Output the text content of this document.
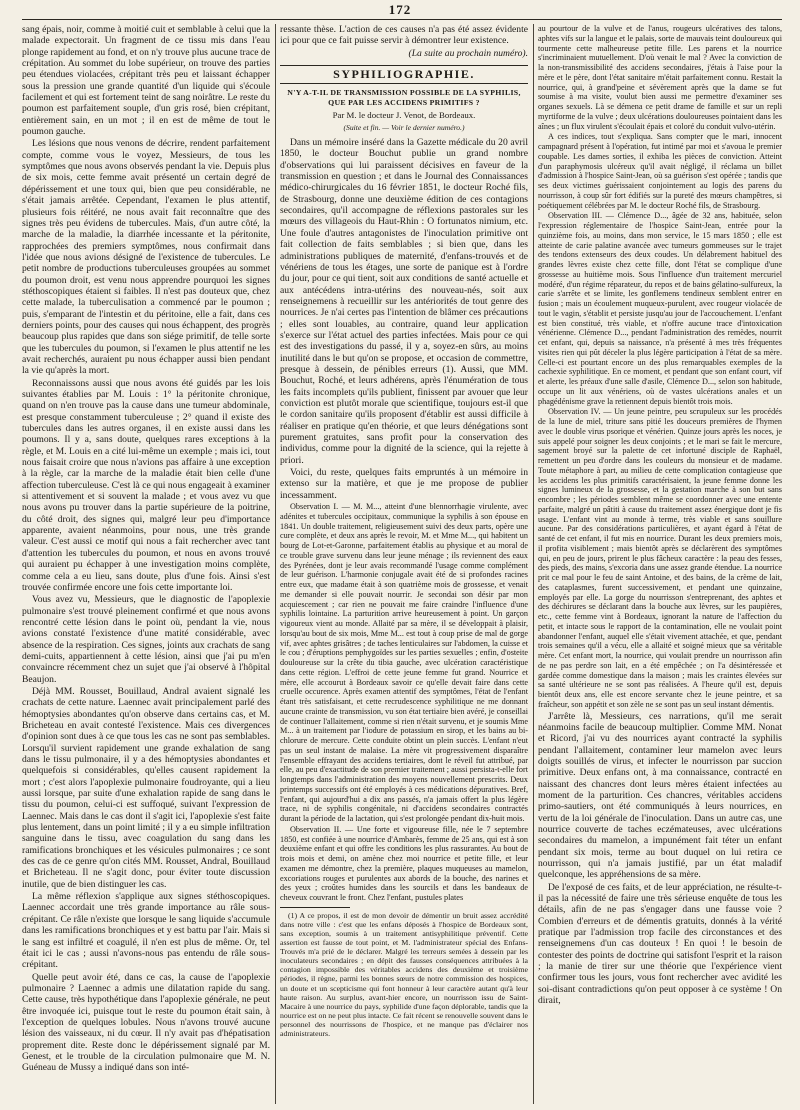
172

sang épais, noir, comme à moitié cuit et semblable à celui que la malade expectorait. Un fragment de ce tissu mis dans l'eau plonge rapidement au fond, et on n'y trouve plus aucune trace de crépitation. Au sommet du lobe supérieur, on trouve des parties peu étendues violacées, crépitant très peu et laissant échapper sous la pression une grande quantité d'un liquide qui s'écoule facilement et qui est fortement teint de sang noirâtre. Le reste du poumon est parfaitement souple, d'un gris rosé, bien crépitant, entièrement sain, en un mot ; il en est de même de tout le poumon gauche.

Les lésions que nous venons de décrire, rendent parfaitement compte, comme vous le voyez, Messieurs, de tous les symptômes que nous avons observés pendant la vie. Depuis plus de six mois, cette femme avait présenté un certain degré de dépérissement et une toux qui, bien que peu considérable, ne s'était jamais arrêtée. Cependant, l'examen le plus attentif, plusieurs fois réitéré, ne nous avait fait reconnaître que des signes très peu évidens de tubercules. Mais, d'un autre côté, la marche de la maladie, la diarrhée incessante et la péritonite, rapprochées des premiers symptômes, nous confirmait dans l'idée que nous avions désigné de l'existence de tubercules. Le petit nombre de productions tuberculeuses groupées au sommet du poumon droit, est venu nous apprendre pourquoi les signes stéthoscopiques étaient si faibles. Il n'est pas douteux que, chez cette malade, la tuberculisation a commencé par le poumon ; puis, s'emparant de l'intestin et du péritoine, elle a fait, dans ces derniers points, pour des causes qui nous échappent, des progrès beaucoup plus rapides que dans son siége primitif, de telle sorte que les tubercules du poumon, si l'examen le plus attentif ne les avait recherchés, auraient pu nous échapper aussi bien pendant la vie qu'après la mort.

Reconnaissons aussi que nous avons été guidés par les lois suivantes établies par M. Louis : 1° la péritonite chronique, quand on n'en trouve pas la cause dans une tumeur abdominale, est presque constamment tuberculeuse ; 2° quand il existe des tubercules dans les autres organes, il en existe aussi dans les poumons. Il y a, sans doute, quelques rares exceptions à la règle, et M. Louis en a cité lui-même un exemple ; mais ici, tout nous faisait croire que nous n'avions pas affaire à une exception à la règle, car la marche de la maladie était bien celle d'une affection tuberculeuse. C'est là ce qui nous engageait à examiner si attentivement et si souvent la malade ; et vous avez vu que nous avons pu trouver dans la partie supérieure de la poitrine, du côté droit, des signes qui, malgré leur peu d'importance apparente, avaient néanmoins, pour nous, une très grande valeur. C'est aussi ce motif qui nous a fait rechercher avec tant d'attention les tubercules du poumon, et nous en avons trouvé qui auraient pu échapper à une investigation moins complète, comme cela a eu lieu, sans doute, plus d'une fois. Ainsi s'est trouvée confirmée encore une fois cette importante loi.

Vous avez vu, Messieurs, que le diagnostic de l'apoplexie pulmonaire s'est trouvé pleinement confirmé et que nous avons rencontré cette lésion dans le point où, pendant la vie, nous avions constaté l'existence d'une matité considérable, avec absence de la respiration. Ces signes, joints aux crachats de sang demi-cuits, appartiennent à cette lésion, ainsi que j'ai pu m'en convaincre récemment chez un sujet que j'ai observé à l'hôpital Beaujon.

Déjà MM. Rousset, Bouillaud, Andral avaient signalé les crachats de cette nature. Laennec avait principalement parlé des hémoptysies abondantes qu'on observe dans certains cas, et M. Bricheteau en avait contesté l'existence. Mais ces divergences d'opinion sont dues à ce que tous les cas ne sont pas semblables. Lorsqu'il survient rapidement une grande exhalation de sang dans le tissu pulmonaire, il y a des hémoptysies abondantes et quelquefois si considérables, qu'elles causent rapidement la mort ; c'est alors l'apoplexie pulmonaire foudroyante, qui a lieu aussi lorsque, par suite d'une exhalation rapide de sang dans le tissu du poumon, celui-ci est suffoqué, suivant l'expression de Laennec. Mais dans le cas dont il s'agit ici, l'apoplexie s'est faite plus lentement, dans un point limité ; il y a eu simple infiltration sanguine dans le tissu, avec coagulation du sang dans les ramifications bronchiques et les vésicules pulmonaires ; ce sont des cas de ce genre qu'on cités MM. Rousset, Andral, Bouillaud et Bricheteau. Il ne s'agit donc, pour éviter toute discussion inutile, que de bien distinguer les cas.

La même réflexion s'applique aux signes stéthoscopiques. Laennec accordait une très grande importance au râle sous-crépitant. Ce râle n'existe que lorsque le sang liquide s'accumule dans les ramifications bronchiques et y est battu par l'air. Mais si le sang est infiltré et coagulé, il n'en est plus de même. Or, tel était ici le cas ; aussi n'avons-nous pas entendu de râle sous-crépitant.

Quelle peut avoir été, dans ce cas, la cause de l'apoplexie pulmonaire ? Laennec a admis une dilatation rapide du sang. Cette cause, très hypothétique dans l'apoplexie générale, ne peut être invoquée ici, puisque tout le reste du poumon était sain, à l'exception de quelques lobules. Nous n'avons trouvé aucune lésion des vaisseaux, ni du cœur. Il n'y avait pas d'hépatisation proprement dite. Reste donc le dépérissement signalé par M. Genest, et le trouble de la circulation pulmonaire que M. N. Guéneau de Mussy a indiqué dans son inté-

ressante thèse. L'action de ces causes n'a pas été assez évidente ici pour que ce fait puisse servir à démontrer leur existence.

(La suite au prochain numéro).

SYPHILIOGRAPHIE.

N'Y A-T-IL DE TRANSMISSION POSSIBLE DE LA SYPHILIS, QUE PAR LES ACCIDENS PRIMITIFS ?

Par M. le docteur J. Venot, de Bordeaux.

(Suite et fin. — Voir le dernier numéro.)

Dans un mémoire inséré dans la Gazette médicale du 20 avril 1850, le docteur Bouchut publie un grand nombre d'observations qui lui paraissent décisives en faveur de la transmission en question ; et dans le Journal des Connaissances médico-chirurgicales du 16 février 1851, le docteur Roché fils, de Strasbourg, donne une deuxième édition de ces contagions secondaires, qu'il accompagne de réflexions pastorales sur les mœurs des villageois du Haut-Rhin : O fortunatos nimium, etc. Une foule d'autres antagonistes de l'inoculation primitive ont fait collection de faits semblables ; si bien que, dans les administrations publiques de maternité, d'enfans-trouvés et de vénériens de tous les étages, une sorte de panique est à l'ordre du jour, pour ce qui tient, soit aux conditions de santé actuelle et aux antécédens intra-utérins des nouveau-nés, soit aux renseignemens à recueillir sur les antériorités de tout genre des nourrices. Je n'ai certes pas l'intention de blâmer ces précautions ; elles sont louables, au contraire, quand leur application s'exerce sur l'état actuel des parties infectées. Mais pour ce qui est des investigations du passé, il y a, soyez-en sûrs, au moins inutilité dans le but qu'on se propose, et occasion de commettre, presque à dessein, de pénibles erreurs (1). Aussi, que MM. Bouchut, Roché, et leurs adhérens, après l'énumération de tous les faits incomplets qu'ils publient, finissent par avouer que leur conviction est plutôt morale que scientifique, toujours est-il que le cordon sanitaire qu'ils proposent d'établir est aussi difficile à réaliser en pratique qu'en théorie, et que leurs dénégations sont purement gratuites, sans profit pour la conservation des individus, comme pour la dignité de la science, qui la rejette à priori.

Voici, du reste, quelques faits empruntés à un mémoire in extenso sur la matière, et que je me propose de publier incessamment.

Observation I. — M. M..., atteint d'une blennorrhagie virulente, avec adénites et tubercules occipitaux, communique la syphilis à son épouse en 1841. Un double traitement, religieusement suivi des deux parts, opère une cure complète, et deux ans après le revoir, M. et Mme M..., qui habitent un bourg de Lot-et-Garonne, parfaitement établis au physique et au moral de ce trouble grave survenu dans leur jeune ménage ; ils reviennent des eaux des Pyrénées, dont je leur avais recommandé l'usage comme complément de leur guérison. L'harmonie conjugale avait été de si profondes racines entre eux, que madame était à son quatrième mois de grossesse, et venait me demander si elle pouvait nourrir. Je secondai son désir par mon acquiescement ; car rien ne pouvait me faire craindre l'influence d'une syphilis lointaine. La parturition arrive heureusement à point. Un garçon vigoureux vient au monde. Allaité par sa mère, il se développait à plaisir, lorsqu'au bout de six mois, Mme M... est tout à coup prise de mal de gorge vif, avec aphtes grisâtres ; de taches lenticulaires sur l'abdomen, la cuisse et le cou ; d'éruptions pemphygoïdes sur les parties sexuelles ; enfin, d'osteite douloureuse sur la crête du tibia gauche, avec ulcération caractéristique dans cette région. L'effroi de cette jeune femme fut grand. Nourrice et mère, elle accourut à Bordeaux savoir ce qu'elle devait faire dans cette cruelle occurence. Après examen attentif des symptômes, l'état de l'enfant étant très satisfaisant, et cette recrudescence syphilitique ne me donnant aucune crainte de transmission, vu son état tertiaire bien avéré, je conseillai de continuer l'allaitement, comme si rien n'était survenu, et je soumis Mme M... à un traitement par l'iodure de potassium en sirop, et les bains au bi-chlorure de mercure. Cette conduite obtint un plein succès. L'enfant n'eut pas un seul instant de malaise. La mère vit progressivement disparaître l'ensemble effrayant des accidens tertiaires, dont le réveil fut attribué, par elle, au peu d'exactitude de son premier traitement ; aussi persista-t-elle fort longtemps dans l'administration des moyens nouvellement prescrits. Deux printemps successifs ont été employés à ces médications dépuratives. Bref, l'enfant, qui aujourd'hui a dix ans passés, n'a jamais offert la plus légère trace, ni de syphilis congénitale, ni d'accidens secondaires contractés durant la période de la lactation, qui s'est prolongée pendant dix-huit mois.

Observation II. — Une forte et vigoureuse fille, née le 7 septembre 1850, est confiée à une nourrice d'Ambarès, femme de 25 ans, qui est à son deuxième enfant et qui offre les conditions les plus rassurantes. Au bout de trois mois et demi, on amène chez moi nourrice et petite fille, et leur examen me démontre, chez la première, plaques muqueuses au mamelon, excoriations rouges et purulentes aux abords de la bouche, des narines et des yeux ; croûtes humides dans les sourcils et dans les bandeaux de cheveux couvrant le front. Chez l'enfant, pustules plates

(1) A ce propos, il est de mon devoir de démentir un bruit assez accrédité dans notre ville : c'est que les enfans déposés à l'hospice de Bordeaux sont, sans exception, soumis à un traitement antisyphilitique préventif. Cette assertion est fausse de tout point, et M. l'administrateur spécial des Enfans-Trouvés m'a prié de le déclarer. Malgré les terreurs semées à dessein par les inoculateurs secondaires ; en dépit des fausses conséquences attribuées à la contagion impossible des véritables accidens des deuxième et troisième périodes, il règne, parmi les bonnes sœurs de notre commission des hospices, un doute et un scepticisme qui font honneur à leur caractère autant qu'à leur haute raison. Au surplus, avant-hier encore, un nourrisson issu de Saint-Macaire à une nourrice du pays, syphilide d'une façon déplorable, tandis que la nourrice est on ne peut plus intacte. Ce fait récent se renouvelle souvent dans le personnel des nourrissons de l'hospice, et ne manque pas d'éclairer nos administrateurs.

au pourtour de la vulve et de l'anus, rougeurs ulcératives des talons, aphtes vifs sur la langue et le palais, sorte de mauvais teint douloureux qui tourmente cette malheureuse petite fille. Les parens et la nourrice s'incriminaient mutuellement. D'où venait le mal ? Avec la conviction de la non-transmissibilité des accidens secondaires, j'étais à l'aise pour la mère et le père, dont l'état sanitaire m'était parfaitement connu. Restait la nourrice, qui, à grand'peine et sévèrement après que la dame se fut soumise à ma visite, voulut bien aussi me permettre d'examiner ses organes sexuels. Là se démena ce petit drame de famille et sur un repli myrtiforme de la vulve ; deux ulcérations douloureuses pointaient dans les aînes ; un flux virulent s'écoulait épais et coloré du conduit vulvo-utérin.

A ces indices, tout s'expliqua. Sans compter que le mari, innocent campagnard présent à l'opération, fut intimé par moi et s'avoua le premier coupable. Les dames sorties, il exhiba les pièces de conviction. Atteint d'un paraphymosis ulcéreux qu'il avait négligé, il réclama un billet d'admission à l'hospice Saint-Jean, où sa guérison s'est opérée ; tandis que ses deux victimes guérissaient conjointement au logis des parens du nourrisson, à coup sûr fort édifiés sur la pureté des mœurs champêtres, si poétiquement célébrées par M. le docteur Roché fils, de Strasbourg.

Observation III. — Clémence D..., âgée de 32 ans, habituée, selon l'expression réglementaire de l'hospice Saint-Jean, entrée pour la quinzième fois, au moins, dans mon service, le 15 mars 1850 ; elle est atteinte de carie palatine avancée avec tumeurs gommeuses sur le trajet des tendons extenseurs des deux coudes. Un délabrement habituel des grandes lèvres existe chez cette fille, dont l'état se complique d'une grossesse au huitième mois. Sous l'influence d'un traitement mercuriel modéré, d'un régime réparateur, du repos et de bains gélatino-sulfureux, la carie s'arrête et se limite, les gonflemens tendineux semblent entrer en fusion ; mais un écoulement muqueux-purulent, avec rougeur violacée de tout le vagin, s'établit et persiste jusqu'au jour de l'accouchement. L'enfant est bien constitué, très viable, et n'offre aucune trace d'intoxication vénérienne. Clémence D..., pendant l'administration des remèdes, nourrit cet enfant, qui, depuis sa naissance, n'a présenté à mes très fréquentes visites rien qui pût déceler la plus légère participation à l'état de sa mère. Celle-ci est pourtant encore un des plus remarquables exemples de la cachexie syphilitique. En ce moment, et pendant que son enfant court, vif et alerte, les préaux d'une salle d'asile, Clémence D..., selon son habitude, occupe un lit aux vénériens, où de vastes ulcérations anales et un phagédénisme grave la retiennent depuis bientôt trois mois.

Observation IV. — Un jeune peintre, peu scrupuleux sur les procédés de la lune de miel, triture sans pitié les douceurs premières de l'hymen avec le double virus psorique et vénérien. Quinze jours après les noces, je suis appelé pour soigner les deux conjoints ; et le mari se fait le mercure, sagement broyé sur la palette de cet infortuné disciple de Raphaël, remettent un peu d'ordre dans les couleurs du monsieur et de madame. Toute métaphore à part, au milieu de cette complication contagieuse que les accidens les plus primitifs caractérisaient, la jeune femme donne les signes lumineux de la grossesse, et la gestation marche à son but sans encombre ; les périodes semblent même se coordonner avec une entente parfaite, malgré un pâtiti à cause du traitement assez énergique dont je fis usage. L'enfant vint au monde à terme, très viable et sans souillure aucune. Par des considérations particulières, et ayant égard à l'état de santé de cet enfant, il fut mis en nourrice. Durant les deux premiers mois, il profita visiblement ; mais bientôt après se déclarèrent des symptômes qui, en peu de jours, prirent le plus fâcheux caractère : la peau des fesses, des pieds, des mains, s'excoria dans une assez grande étendue. La nourrice prit ce mal pour le feu de saint Antoine, et des bains, de la crème de lait, des cataplasmes, furent successivement, et pendant une quinzaine, employés par elle. La gorge du nourrisson s'entreprenant, des aphtes et des déchirures se déclarant dans la bouche aux lèvres, sur les paupières, etc., cette femme vint à Bordeaux, ignorant la nature de l'affection du petit, et intacte sous le rapport de la contamination, elle ne voulait point abandonner l'enfant, auquel elle s'était vivement attachée, et que, pendant trois semaines qu'il a vécu, elle a allaité et soigné mieux que sa véritable mère. Cet enfant mort, la nourrice, qui voulait prendre un nourrisson afin de ne pas perdre son lait, en a été empêchée ; on l'a désintéressée et gardée comme domestique dans la maison ; mais les craintes élevées sur sa santé ultérieure ne se sont pas réalisées. A l'heure qu'il est, depuis bientôt deux ans, elle est encore servante chez le jeune peintre, et sa fraîcheur, son appétit et son zèle ne se sont pas un seul instant démentis.

J'arrête là, Messieurs, ces narrations, qu'il me serait néanmoins facile de beaucoup multiplier. Comme MM. Nonat et Ricord, j'ai vu des nourrices ayant contracté la syphilis pendant l'allaitement, contaminer leur mamelon avec leurs doigts souillés de virus, et infecter le nourrisson par succion primitive. Deux enfans ont, à ma connaissance, contracté en naissant des chancres dont leurs mères étaient infectées au moment de la parturition. Ces chancres, véritables accidens primo-sautiers, ont été communiqués à leurs nourrices, en vertu de la loi générale de l'inoculation. Dans un autre cas, une nourrice couverte de taches eczémateuses, avec ulcérations secondaires du mamelon, a impunément fait téter un enfant pendant six mois, terme au bout duquel on lui retira ce nourrisson, qui n'a jamais justifié, par un état maladif quelconque, les appréhensions de sa mère.

De l'exposé de ces faits, et de leur appréciation, ne résulte-t-il pas la nécessité de faire une très sérieuse enquête de tous les détails, afin de ne pas s'engager dans une fausse voie ? Combien d'erreurs et de démentis gratuits, donnés à la vérité pratique par l'admission trop facile des circonstances et des renseignemens d'un cas douteux ! En quoi ! le besoin de contester des points de doctrine qui satisfont l'esprit et la raison ; la manie de tirer sur une théorie que l'expérience vient confirmer tous les jours, vous font rechercher avec avidité les soi-disant contradictions qu'on peut opposer à ce système ! On dirait,
